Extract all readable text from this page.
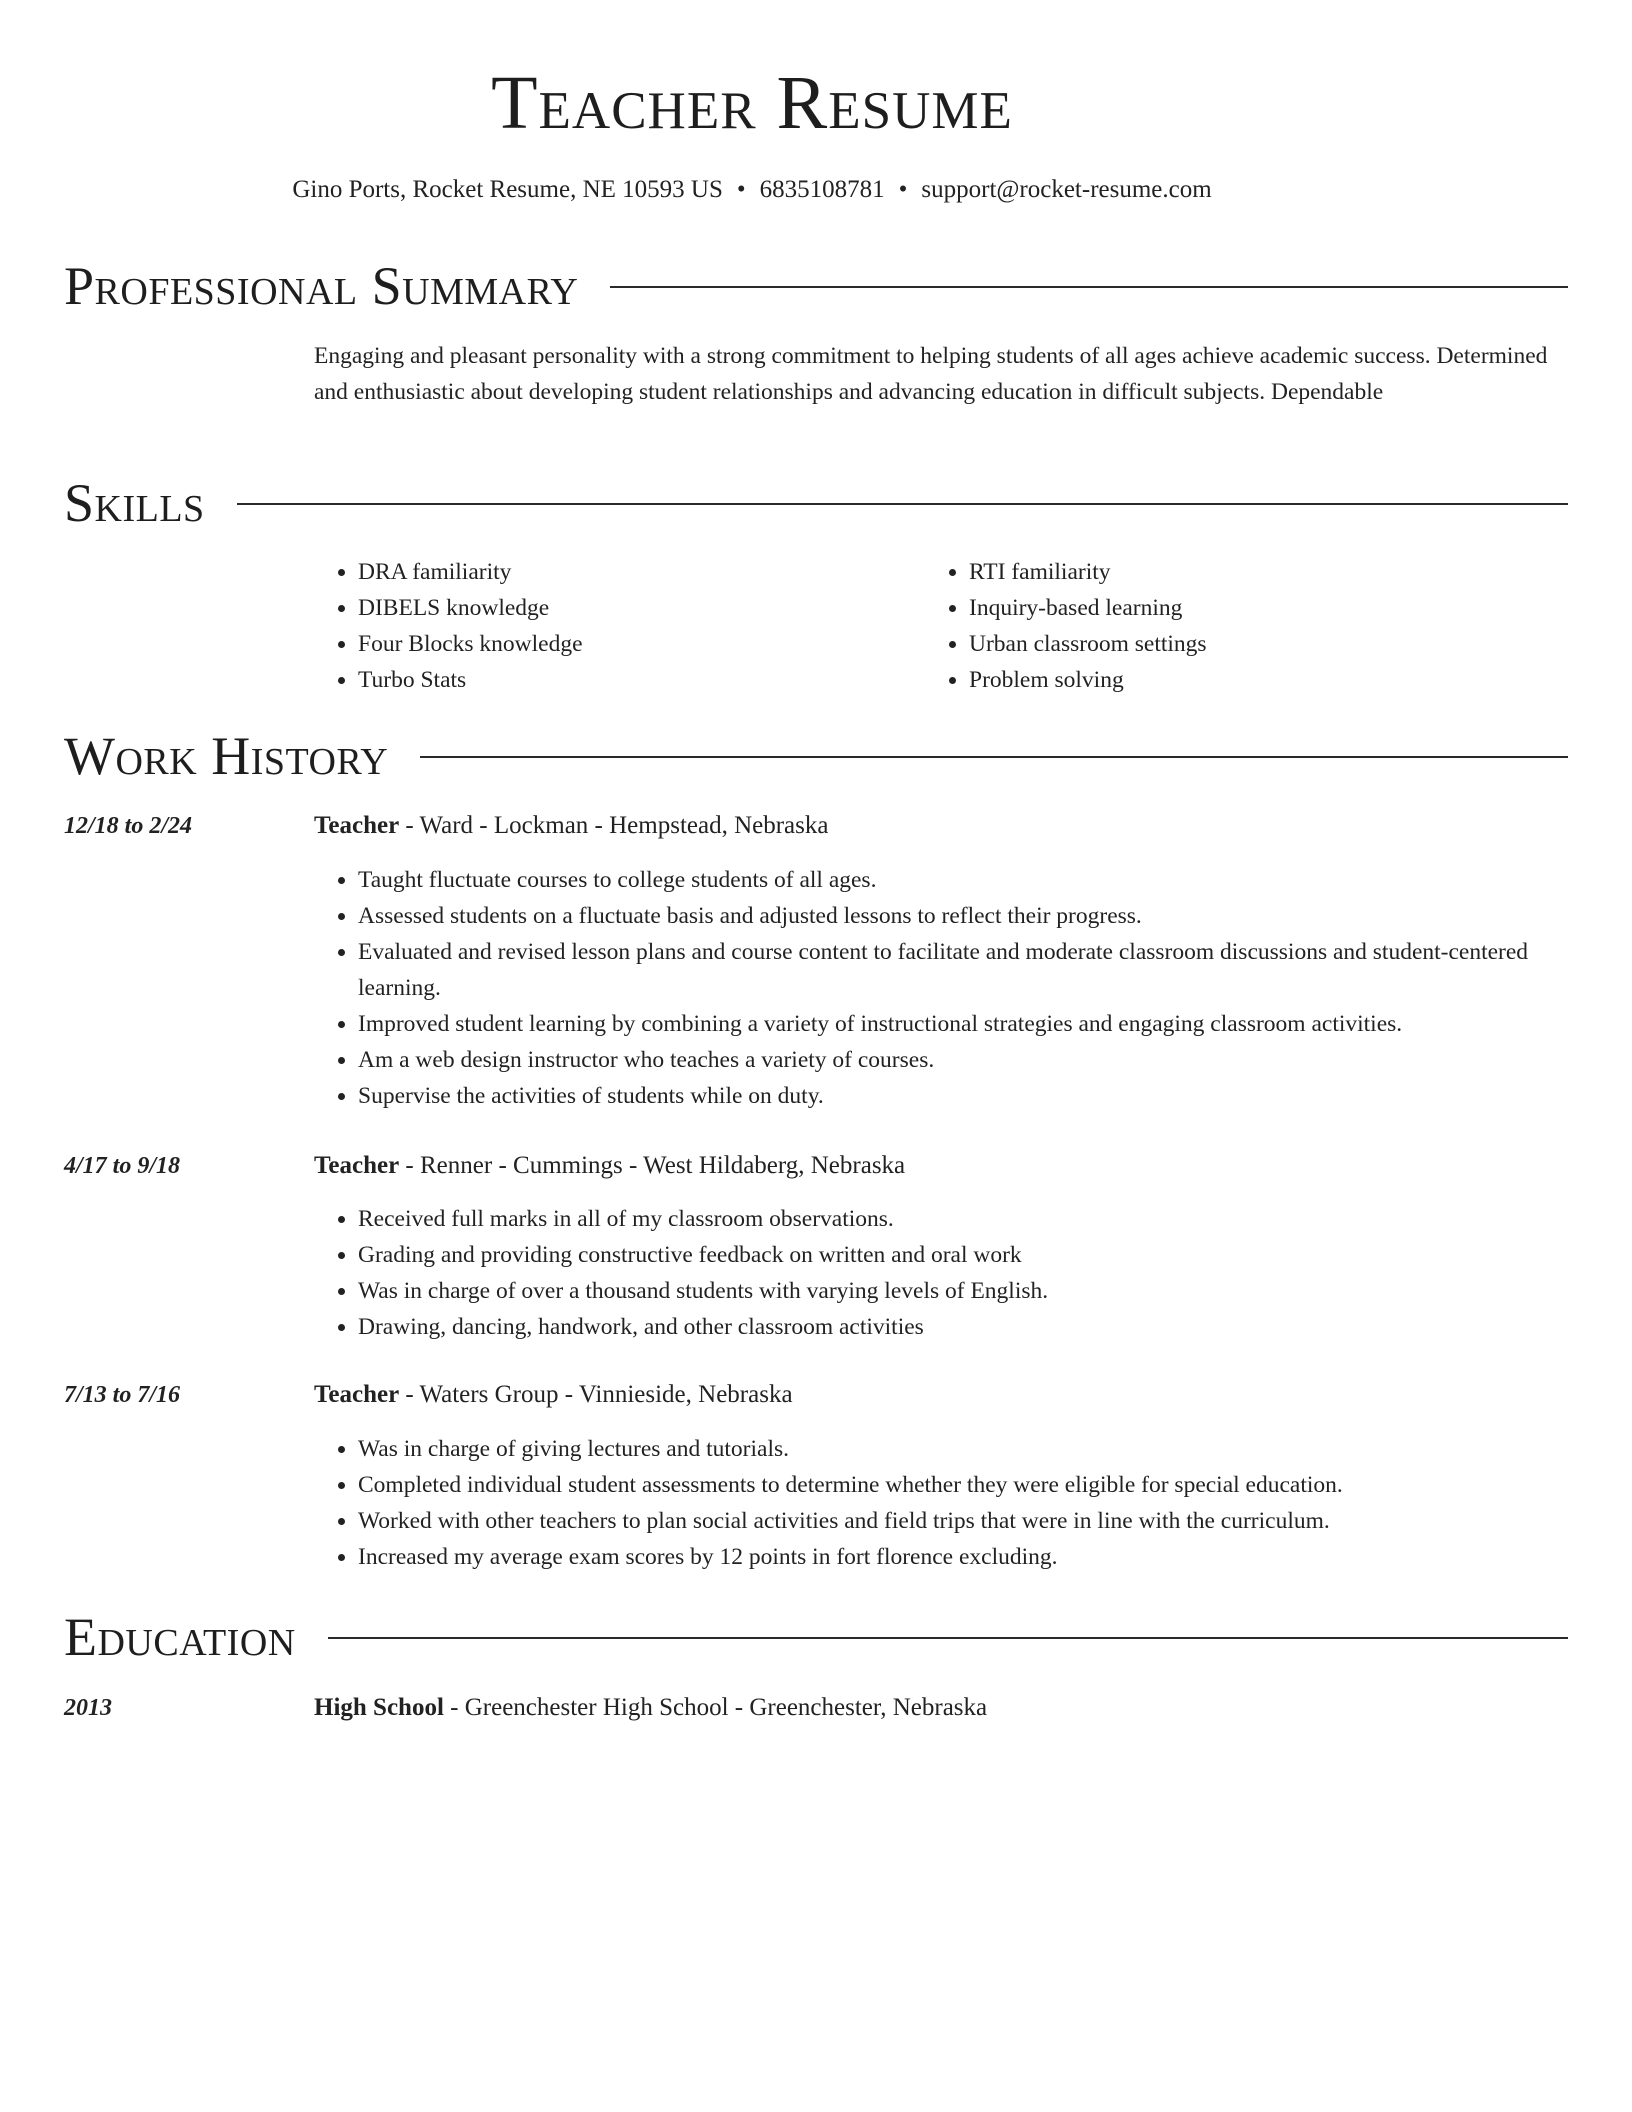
Teacher Resume
Gino Ports, Rocket Resume, NE 10593 US • 6835108781 • support@rocket-resume.com
Professional Summary
Engaging and pleasant personality with a strong commitment to helping students of all ages achieve academic success. Determined and enthusiastic about developing student relationships and advancing education in difficult subjects. Dependable
Skills
• DRA familiarity
• DIBELS knowledge
• Four Blocks knowledge
• Turbo Stats
• RTI familiarity
• Inquiry-based learning
• Urban classroom settings
• Problem solving
Work History
12/18 to 2/24	Teacher - Ward - Lockman - Hempstead, Nebraska
• Taught fluctuate courses to college students of all ages.
• Assessed students on a fluctuate basis and adjusted lessons to reflect their progress.
• Evaluated and revised lesson plans and course content to facilitate and moderate classroom discussions and student-centered learning.
• Improved student learning by combining a variety of instructional strategies and engaging classroom activities.
• Am a web design instructor who teaches a variety of courses.
• Supervise the activities of students while on duty.
4/17 to 9/18	Teacher - Renner - Cummings - West Hildaberg, Nebraska
• Received full marks in all of my classroom observations.
• Grading and providing constructive feedback on written and oral work
• Was in charge of over a thousand students with varying levels of English.
• Drawing, dancing, handwork, and other classroom activities
7/13 to 7/16	Teacher - Waters Group - Vinnieside, Nebraska
• Was in charge of giving lectures and tutorials.
• Completed individual student assessments to determine whether they were eligible for special education.
• Worked with other teachers to plan social activities and field trips that were in line with the curriculum.
• Increased my average exam scores by 12 points in fort florence excluding.
Education
2013	High School - Greenchester High School - Greenchester, Nebraska
